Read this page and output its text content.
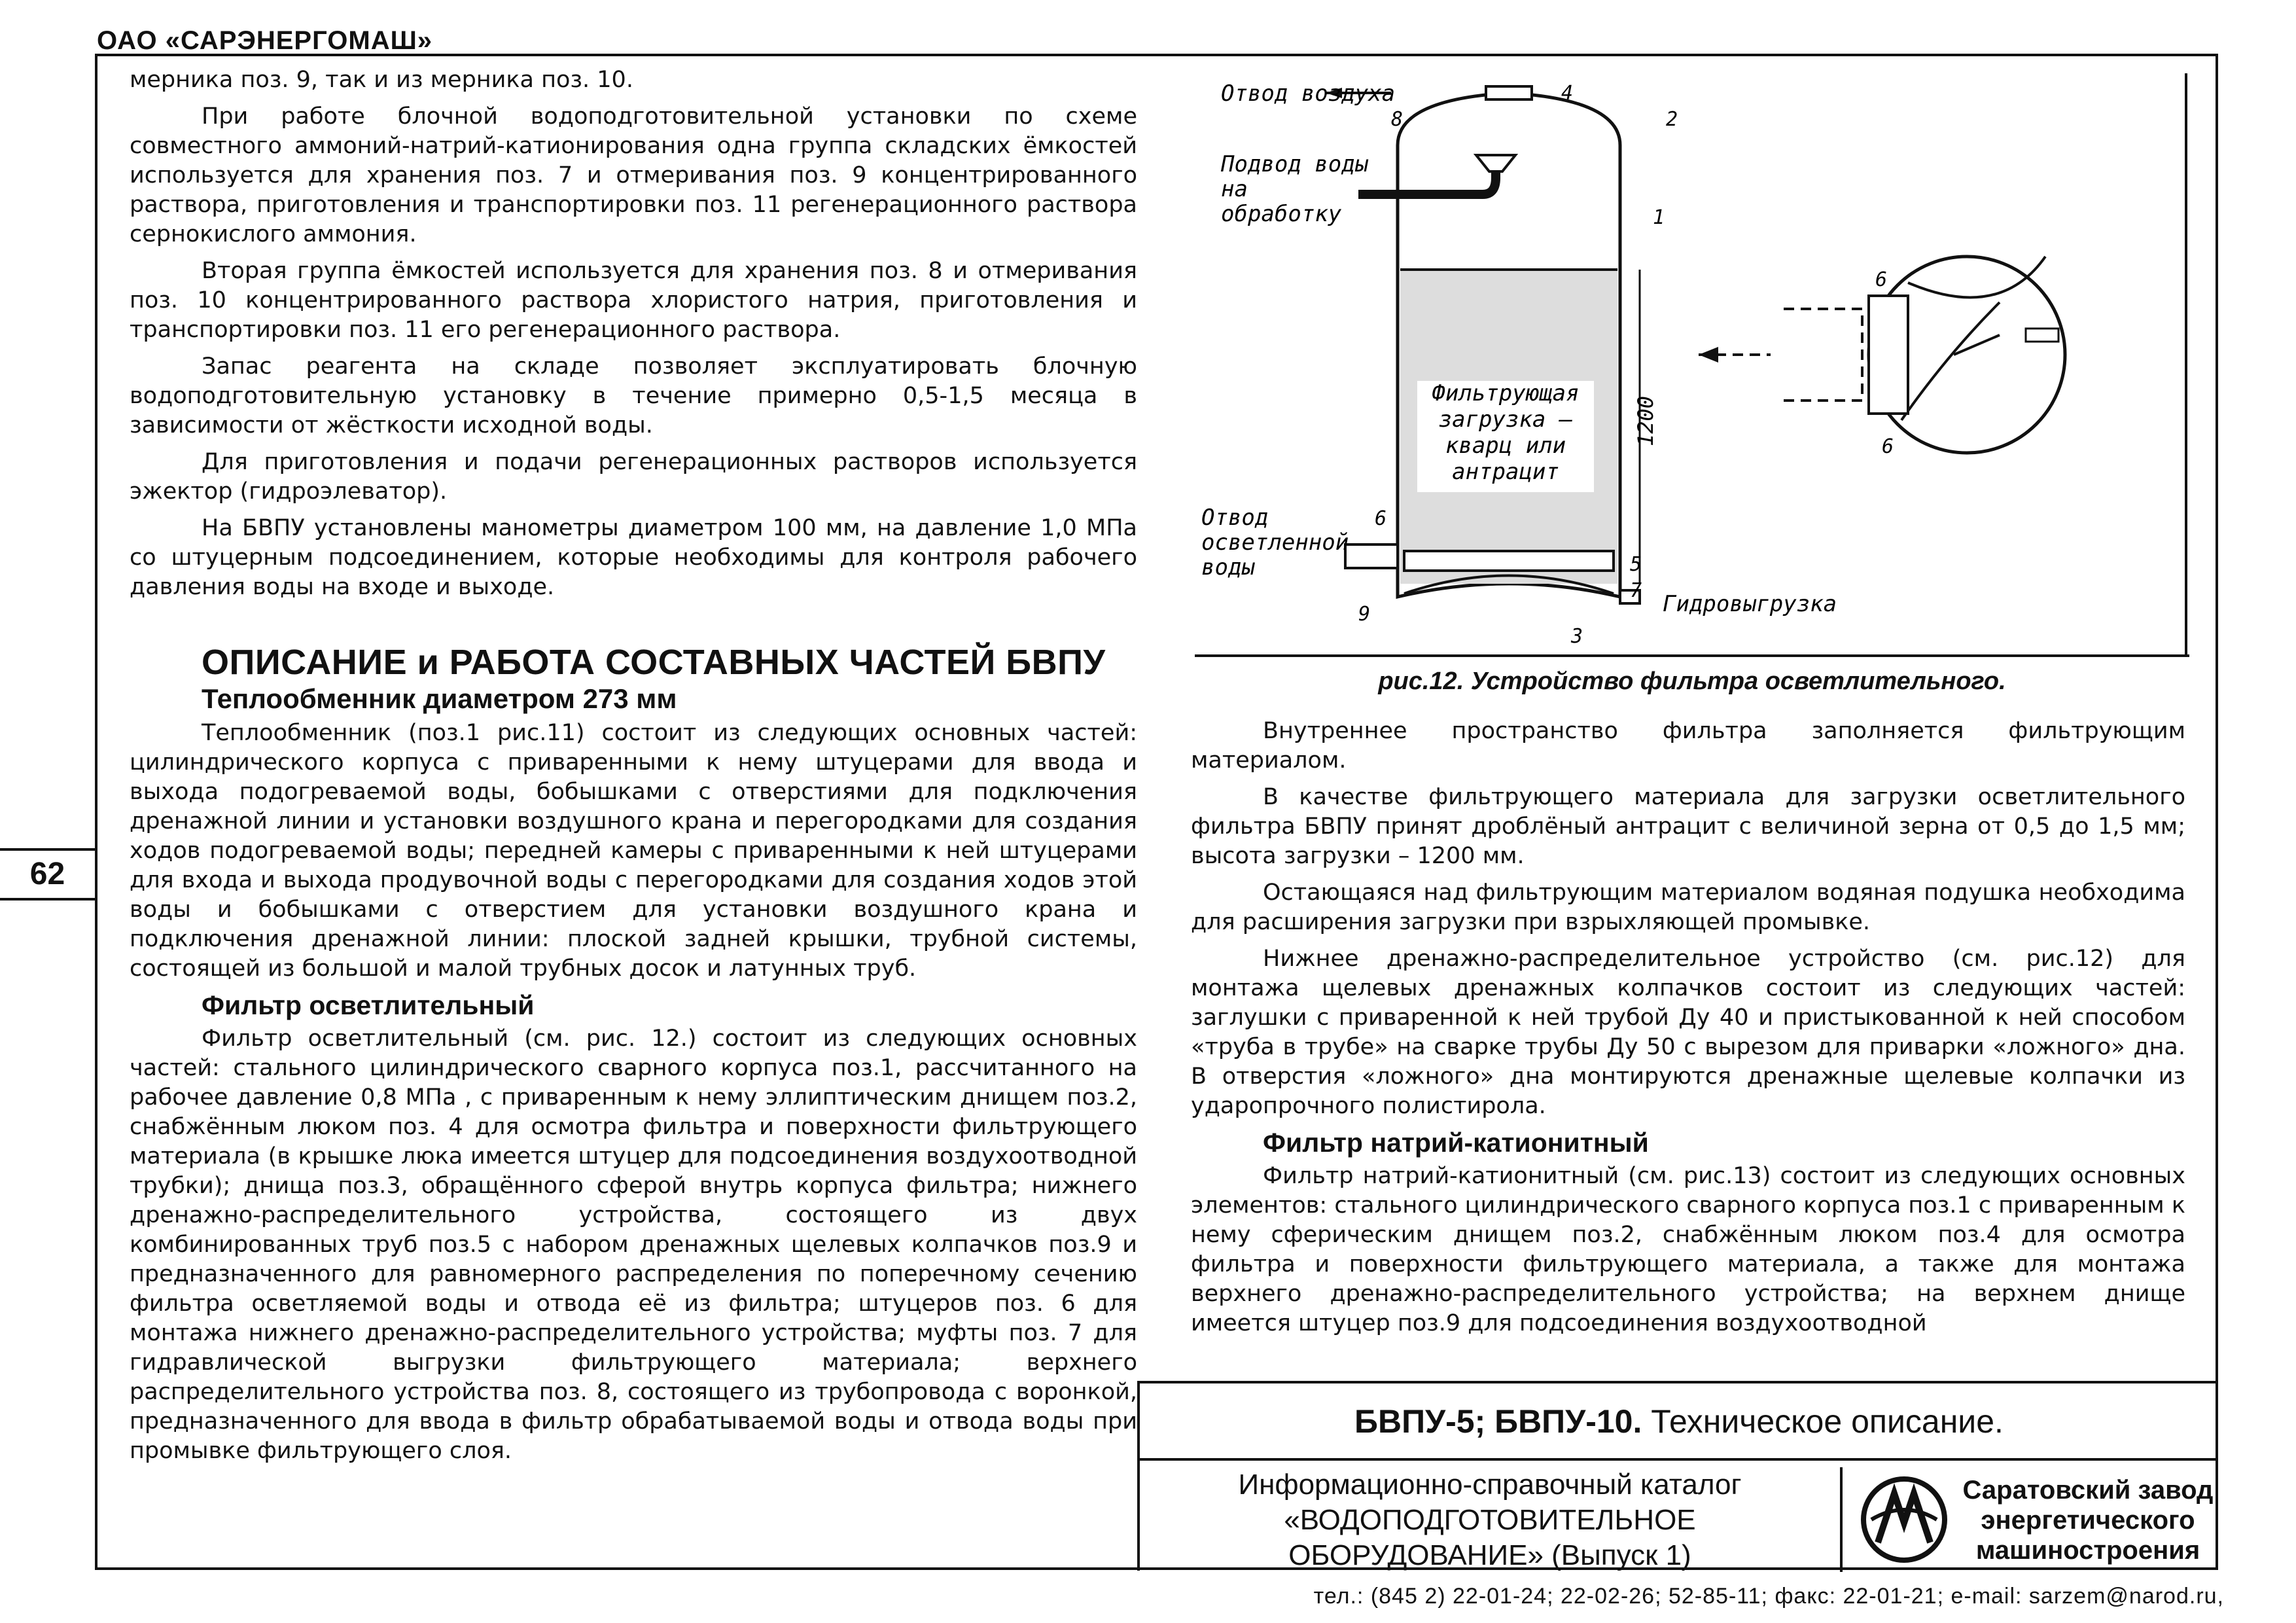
ОАО «САРЭНЕРГОМАШ»
62

мерника поз. 9, так и из мерника поз. 10.

При работе блочной водоподготовительной установки по схеме совместного аммоний-натрий-катионирования одна группа складских ёмкостей используется для хранения поз. 7 и отмеривания поз. 9 концентрированного раствора, приготовления и транспортировки поз. 11 регенерационного раствора сернокислого аммония.

Вторая группа ёмкостей используется для хранения поз. 8 и отмеривания поз. 10 концентрированного раствора хлористого натрия, приготовления и транспортировки поз. 11 его регенерационного раствора.

Запас реагента на складе позволяет эксплуатировать блочную водоподготовительную установку в течение примерно 0,5-1,5 месяца в зависимости от жёсткости исходной воды.

Для приготовления и подачи регенерационных растворов используется эжектор (гидроэлеватор).

На БВПУ установлены манометры диаметром 100 мм, на давление 1,0 МПа со штуцерным подсоединением, которые необходимы для контроля рабочего давления воды на входе и выходе.

ОПИСАНИЕ и РАБОТА СОСТАВНЫХ ЧАСТЕЙ БВПУ
Теплообменник диаметром 273 мм

Теплообменник (поз.1 рис.11) состоит из следующих основных частей: цилиндрического корпуса с приваренными к нему штуцерами для ввода и выхода подогреваемой воды, бобышками с отверстиями для подключения дренажной линии и установки воздушного крана и перегородками для создания ходов подогреваемой воды; передней камеры с приваренными к ней штуцерами для входа и выхода продувочной воды с перегородками для создания ходов этой воды и бобышками с отверстием для установки воздушного крана и подключения дренажной линии: плоской задней крышки, трубной системы, состоящей из большой и малой трубных досок и латунных труб.

Фильтр осветлительный

Фильтр осветлительный (см. рис. 12.) состоит из следующих основных частей: стального цилиндрического сварного корпуса поз.1, рассчитанного на рабочее давление 0,8 МПа , с приваренным к нему эллиптическим днищем поз.2, снабжённым люком поз. 4 для осмотра фильтра и поверхности фильтрующего материала (в крышке люка имеется штуцер для подсоединения воздухоотводной трубки); днища поз.3, обращённого сферой внутрь корпуса фильтра; нижнего дренажно-распределительного устройства, состоящего из двух комбинированных труб поз.5 с набором дренажных щелевых колпачков поз.9 и предназначенного для равномерного распределения по поперечному сечению фильтра осветляемой воды и отвода её из фильтра; штуцеров поз. 6 для монтажа нижнего дренажно-распределительного устройства; муфты поз. 7 для гидравлической выгрузки фильтрующего материала; верхнего распределительного устройства поз. 8, состоящего из трубопровода с воронкой, предназначенного для ввода в фильтр обрабатываемой воды и отвода воды при промывке фильтрующего слоя.

1200
Фильтрующая
загрузка –
кварц или
антрацит
Отвод воздуха
Подвод воды
на
обработку
Отвод
осветленной
воды
Гидровыгрузка
1
2
3
4
5
6
7
8
9
6
6
рис.12. Устройство фильтра осветлительного.

Внутреннее пространство фильтра заполняется фильтрующим материалом.

В качестве фильтрующего материала для загрузки осветлительного фильтра БВПУ принят дроблёный антрацит с величиной зерна от 0,5 до 1,5 мм; высота загрузки – 1200 мм.

Остающаяся над фильтрующим материалом водяная подушка необходима для расширения загрузки при взрыхляющей промывке.

Нижнее дренажно-распределительное устройство (см. рис.12) для монтажа щелевых дренажных колпачков состоит из следующих частей: заглушки с приваренной к ней трубой Ду 40 и пристыкованной к ней способом «труба в трубе» на сварке трубы Ду 50 с вырезом для приварки «ложного» дна. В отверстия «ложного» дна монтируются дренажные щелевые колпачки из ударопрочного полистирола.

Фильтр натрий-катионитный

Фильтр натрий-катионитный (см. рис.13) состоит из следующих основных элементов: стального цилиндрического сварного корпуса поз.1 с приваренным к нему сферическим днищем поз.2, снабжённым люком поз.4 для осмотра фильтра и поверхности фильтрующего материала, а также для монтажа верхнего дренажно-распределительного устройства; на верхнем днище имеется штуцер поз.9 для подсоединения воздухоотводной

БВПУ-5; БВПУ-10. Техническое описание.
Информационно-справочный каталог
«ВОДОПОДГОТОВИТЕЛЬНОЕ
ОБОРУДОВАНИЕ» (Выпуск 1)
Саратовский завод
энергетического
машиностроения
тел.: (845 2) 22-01-24; 22-02-26; 52-85-11; факс: 22-01-21; e-mail: sarzem@narod.ru,
